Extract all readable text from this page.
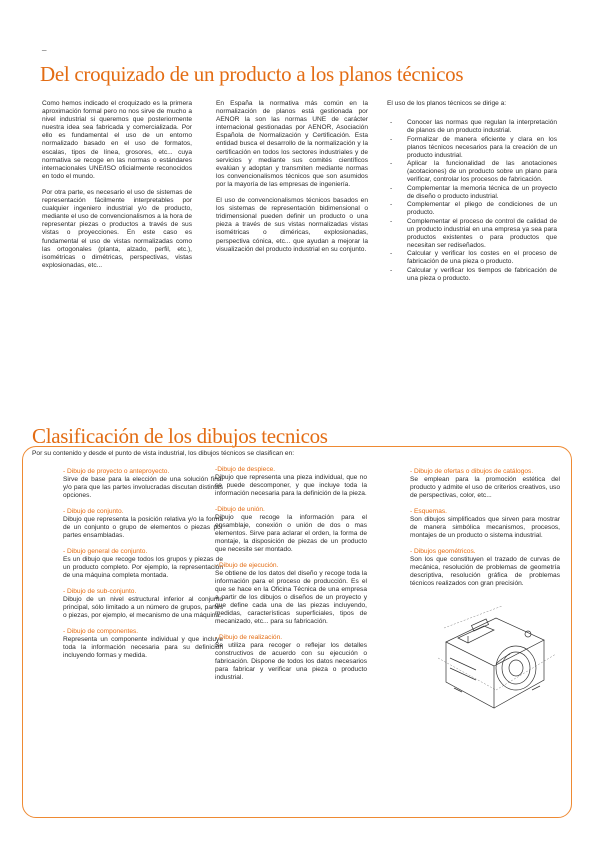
_
Del croquizado de un producto a los planos técnicos

Como hemos indicado el croquizado es la primera aproximación formal pero no nos sirve de mucho a nivel industrial si queremos que posteriormente nuestra idea sea fabricada y comercializada. Por ello es fundamental el uso de un entorno normalizado basado en el uso de formatos, escalas, tipos de línea, grosores, etc... cuya normativa se recoge en las normas o estándares internacionales UNE/ISO oficialmente reconocidos en todo el mundo.

Por otra parte, es necesario el uso de sistemas de representación fácilmente interpretables por cualquier ingeniero industrial y/o de producto, mediante el uso de convencionalismos a la hora de representar piezas o productos a través de sus vistas o proyecciones. En este caso es fundamental el uso de vistas normalizadas como las ortogonales (planta, alzado, perfil, etc.), isométricas o dimétricas, perspectivas, vistas explosionadas, etc...

En España la normativa más común en la normalización de planos está gestionada por AENOR la son las normas UNE de carácter internacional gestionadas por AENOR, Asociación Española de Normalización y Certificación. Esta entidad busca el desarrollo de la normalización y la certificación en todos los sectores industriales y de servicios y mediante sus comités científicos evalúan y adoptan y transmiten mediante normas los convencionalismos técnicos que son asumidos por la mayoría de las empresas de ingeniería.

El uso de convencionalismos técnicos basados en los sistemas de representación bidimensional o tridimensional pueden definir un producto o una pieza a través de sus vistas normalizadas vistas isométricas o diméricas, explosionadas, perspectiva cónica, etc... que ayudan a mejorar la visualización del producto industrial en su conjunto.

El uso de los planos técnicos se dirige a:

- Conocer las normas que regulan la interpretación de planos de un producto industrial.
- Formalizar de manera eficiente y clara en los planos técnicos necesarios para la creación de un producto industrial.
- Aplicar la funcionalidad de las anotaciones (acotaciones) de un producto sobre un plano para verificar, controlar los procesos de fabricación.
- Complementar la memoria técnica de un proyecto de diseño o producto industrial.
- Complementar el pliego de condiciones de un producto.
- Complementar el proceso de control de calidad de un producto industrial en una empresa ya sea para productos existentes o para productos que necesitan ser rediseñados.
- Calcular y verificar los costes en el proceso de fabricación de una pieza o producto.
- Calcular y verificar los tiempos de fabricación de una pieza o producto.
Clasificación de los dibujos tecnicos
Por su contenido y desde el punto de vista industrial, los dibujos técnicos se clasifican en:
- Dibujo de proyecto o anteproyecto.
Sirve de base para la elección de una solución final y/o para que las partes involucradas discutan distintas opciones.
- Dibujo de conjunto.
Dibujo que representa la posición relativa y/o la forma de un conjunto o grupo de elementos o piezas por partes ensambladas.
- Dibujo general de conjunto.
Es un dibujo que recoge todos los grupos y piezas de un producto completo. Por ejemplo, la representación de una máquina completa montada.
- Dibujo de sub-conjunto.
Dibujo de un nivel estructural inferior al conjunto principal, sólo limitado a un número de grupos, partes o piezas, por ejemplo, el mecanismo de una máquina.
- Dibujo de componentes.
Representa un componente individual y que incluye toda la información necesaria para su definición incluyendo formas y medida.
-Dibujo de despiece.
Dibujo que representa una pieza individual, que no se puede descomponer, y que incluye toda la información necesaria para la definición de la pieza.
-Dibujo de unión.
Dibujo que recoge la información para el ensamblaje, conexión o unión de dos o mas elementos. Sirve para aclarar el orden, la forma de montaje, la disposición de piezas de un producto que necesite ser montado.
- Dibujo de ejecución.
Se obtiene de los datos del diseño y recoge toda la información para el proceso de producción. Es el que se hace en la Oficina Técnica de una empresa a partir de los dibujos o diseños de un proyecto y que define cada una de las piezas incluyendo, medidas, características superficiales, tipos de mecanizado, etc... para su fabricación.
- Dibujo de realización.
Se utiliza para recoger o reflejar los detalles constructivos de acuerdo con su ejecución o fabricación. Dispone de todos los datos necesarios para fabricar y verificar una pieza o producto industrial.
- Dibujo de ofertas o dibujos de catálogos.
Se emplean para la promoción estética del producto y admite el uso de criterios creativos, uso de perspectivas, color, etc...
- Esquemas.
Son dibujos simplificados que sirven para mostrar de manera simbólica mecanismos, procesos, montajes de un producto o sistema industrial.
- Dibujos geométricos.
Son los que constituyen el trazado de curvas de mecánica, resolución de problemas de geometría descriptiva, resolución gráfica de problemas técnicos realizados con gran precisión.
